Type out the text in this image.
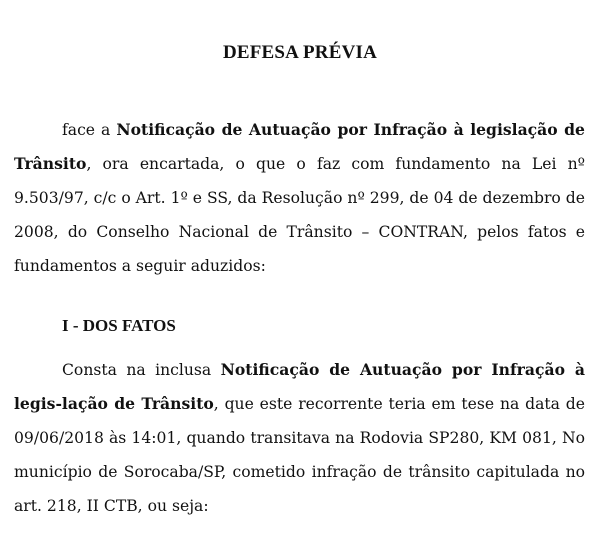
DEFESA PRÉVIA

face a Notificação de Autuação por Infração à legislação de Trânsito, ora encartada, o que o faz com fundamento na Lei nº 9.503/97, c/c o Art. 1º e SS, da Resolução nº 299, de 04 de dezembro de 2008, do Conselho Nacional de Trânsito – CONTRAN, pelos fatos e fundamentos a seguir aduzidos:

I - DOS FATOS

Consta na inclusa Notificação de Autuação por Infração à legis-lação de Trânsito, que este recorrente teria em tese na data de 09/06/2018 às 14:01, quando transitava na Rodovia SP280, KM 081, No município de Sorocaba/SP, cometido infração de trânsito capitulada no art. 218, II CTB, ou seja:
